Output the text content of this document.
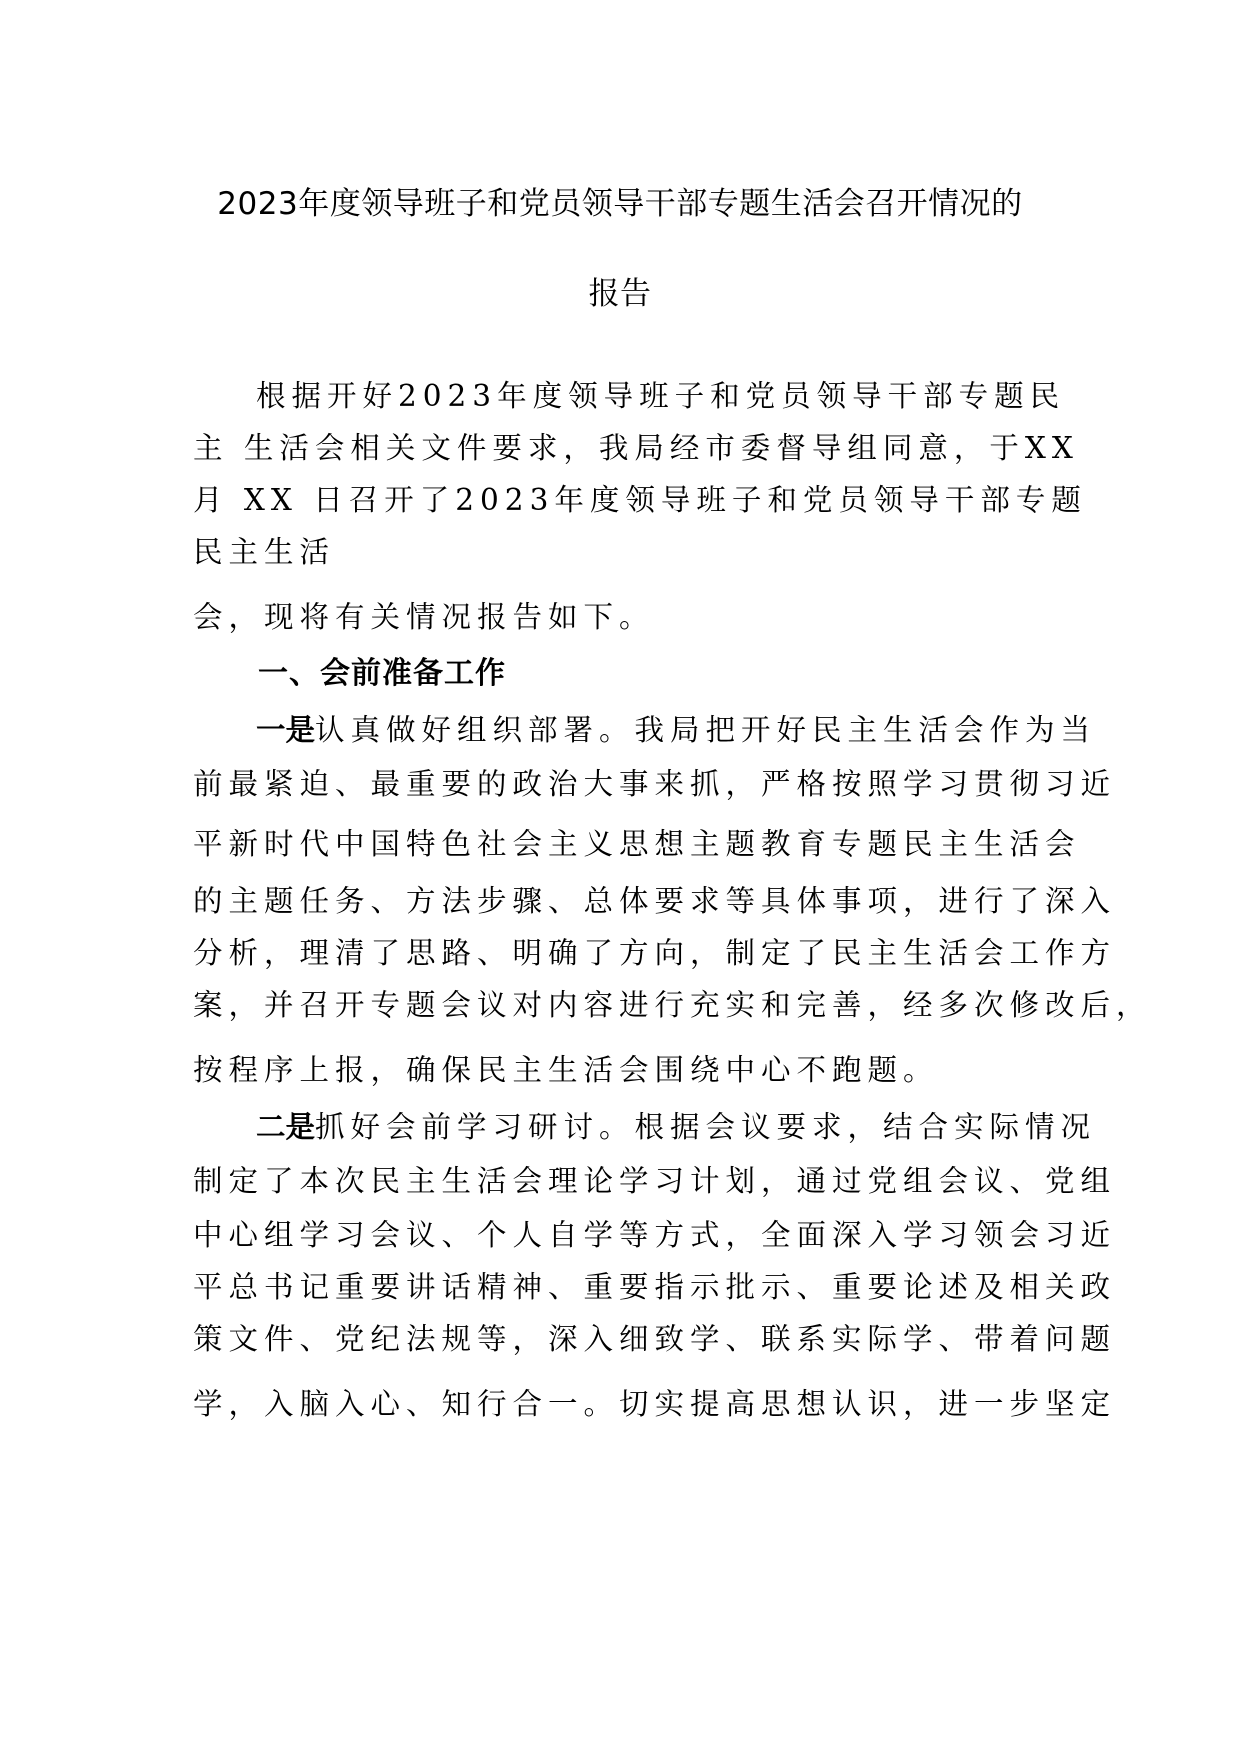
2023年度领导班子和党员领导干部专题生活会召开情况的
报告
根据开好2023年度领导班子和党员领导干部专题民
主 生活会相关文件要求，我局经市委督导组同意，于XX
月 XX 日召开了2023年度领导班子和党员领导干部专题
民主生活
会，现将有关情况报告如下。
一、会前准备工作
一是认真做好组织部署。我局把开好民主生活会作为当
前最紧迫、最重要的政治大事来抓，严格按照学习贯彻习近
平新时代中国特色社会主义思想主题教育专题民主生活会
的主题任务、方法步骤、总体要求等具体事项，进行了深入
分析，理清了思路、明确了方向，制定了民主生活会工作方
案，并召开专题会议对内容进行充实和完善，经多次修改后，
按程序上报，确保民主生活会围绕中心不跑题。
二是抓好会前学习研讨。根据会议要求，结合实际情况
制定了本次民主生活会理论学习计划，通过党组会议、党组
中心组学习会议、个人自学等方式，全面深入学习领会习近
平总书记重要讲话精神、重要指示批示、重要论述及相关政
策文件、党纪法规等，深入细致学、联系实际学、带着问题
学，入脑入心、知行合一。切实提高思想认识，进一步坚定
